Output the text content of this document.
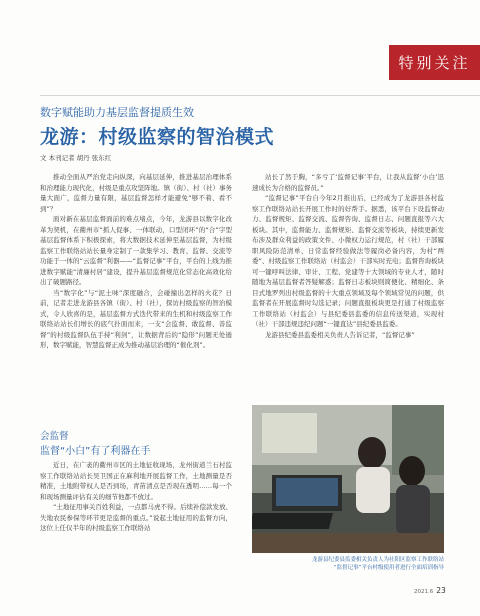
特别关注
数字赋能助力基层监督提质生效
龙游：村级监察的智治模式
文 本刊记者 胡丹 张东红

推动全面从严治党走向纵深，向基层延伸，推进基层治理体系和治理能力现代化，村级是重点攻坚阵地。镇（街）、村（社）事务量大面广，监督力量有限，基层监督怎样才能避免“够不着、看不到”？

面对新在基层监督面前的难点堵点，今年，龙游县以数字化改革为契机，在衢州市“抓人促事、一体联动，口型闭环”的“合”字型基层监督体系下积极探索，将大数据技术延伸至基层监督，为村级监察工作联络站站长量身定制了一款集学习、教育、监督、交流等功能于一体的“云监督”利器——“监督记事”平台，平台的上线为推进数字赋能“清廉村居”建设，提升基层监督规范化常态化高效化给出了破题路径。

当“数字化”与“泥土味”深度融合，会碰撞出怎样的火花？日前，记者走进龙游县各镇（街）、村（社），探访村级监察的智治模式，令人欣喜的是，基层监督方式迭代带来的生机和村级监察工作联络站站长们增长的底气扑面而来，一支“会监督、敢监督、善监督”的村级监督队伍手持“利剑”，让数据背后的“隐形”问题无处遁形，数字赋能，智慧监督正成为推动基层治理的“催化剂”。

会监督
监督“小白”有了利器在手

近日，在广袤的衢州市区的土地征收现场，龙州街道兰石村监察工作联络站站长吴卫国正在麻利地开展监督工作，土地测量是否精准，土地附带权人是否到场，青苗清点是否现在透明……每一个和现场测量评估有关的细节他都不放过。

“土地征用事关百姓利益，一点都马虎不得。后续补偿款发放、失地农民参保等环节更是监督的重点。”说起土地征用的监督方向，这位上任仅半年的村级监察工作联络站

站长了然于胸，“多亏了‘监督记事’平台，让我从监督‘小白’迅速成长为合格的监督员。”

“监督记事”平台自今年2月推出后，已经成为了龙游县各村监察工作联络站站长开展工作时的好帮手。据悉，该平台下设监督动力、监督规矩、监督交流、监督咨询、监督日志、问题直报等六大板块。其中，监督能力、监督规矩、监督交流等板块，持续更新发布涉及群众利益的政策文件、小微权力运行规范，村（社）干部履职风险防范清单、日常监督经验做法等履岗必备内容，为村“两委”、村级监察工作联络站（村监会）干部实时充电；监督咨询板块可一键呼叫法律、审计、工程、党建等十大领域的专业人才，随时随地为基层监督者答疑解惑；监督日志板块则简便化、精细化、条目式地罗列出村级监督的十大重点领域及每个领域常见的问题，供监督者在开展监督时勾选记录；问题直报板块更是打通了村级监察工作联络站（村监会）与县纪委县监委的信息传送渠道，实现村（社）干部违规违纪问题“一键直达”县纪委县监委。

龙游县纪委县监委相关负责人告诉记者，“监督记事”

龙游县纪委县监委相关负责人为社阳区监察工作联络站
“监督记事”平台村级使用者进行全面培训指导
2021.6 23
